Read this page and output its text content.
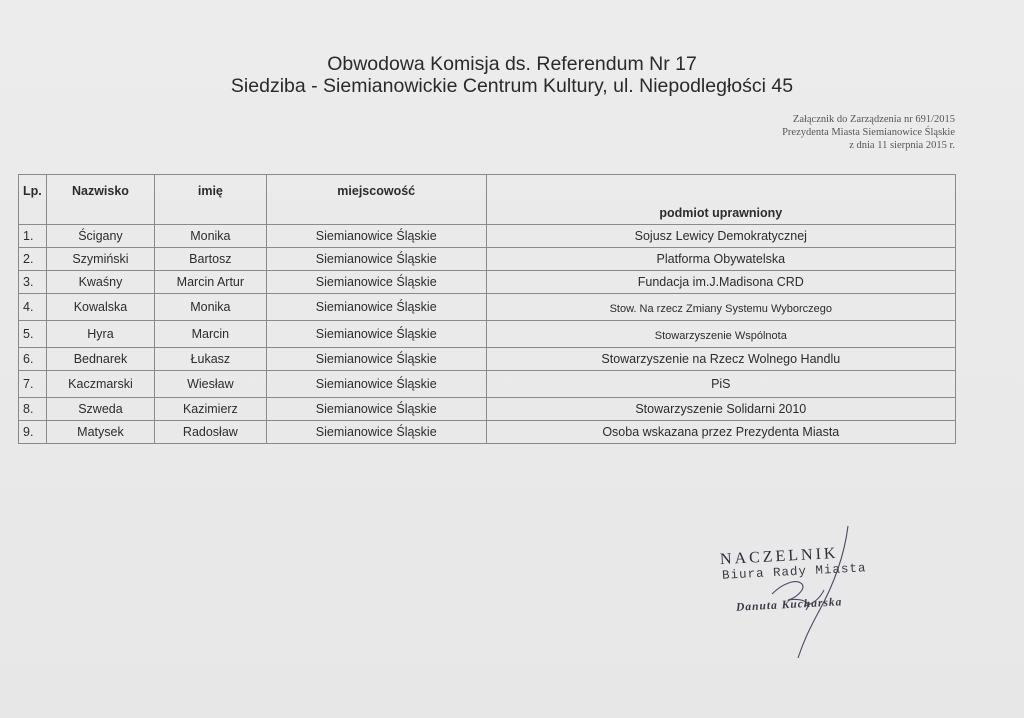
Obwodowa Komisja ds. Referendum Nr 17
Siedziba - Siemianowickie Centrum Kultury, ul. Niepodległości 45
Załącznik do Zarządzenia nr 691/2015
Prezydenta Miasta Siemianowice Śląskie
z dnia 11 sierpnia 2015 r.
Lp.	Nazwisko	imię	miejscowość	podmiot uprawniony
1.	Ścigany	Monika	Siemianowice Śląskie	Sojusz Lewicy Demokratycznej
2.	Szymiński	Bartosz	Siemianowice Śląskie	Platforma Obywatelska
3.	Kwaśny	Marcin Artur	Siemianowice Śląskie	Fundacja im.J.Madisona CRD
4.	Kowalska	Monika	Siemianowice Śląskie	Stow. Na rzecz Zmiany Systemu Wyborczego
5.	Hyra	Marcin	Siemianowice Śląskie	Stowarzyszenie Wspólnota
6.	Bednarek	Łukasz	Siemianowice Śląskie	Stowarzyszenie na Rzecz Wolnego Handlu
7.	Kaczmarski	Wiesław	Siemianowice Śląskie	PiS
8.	Szweda	Kazimierz	Siemianowice Śląskie	Stowarzyszenie Solidarni 2010
9.	Matysek	Radosław	Siemianowice Śląskie	Osoba wskazana przez Prezydenta Miasta
NACZELNIK
Biura Rady Miasta
Danuta Kucharska
